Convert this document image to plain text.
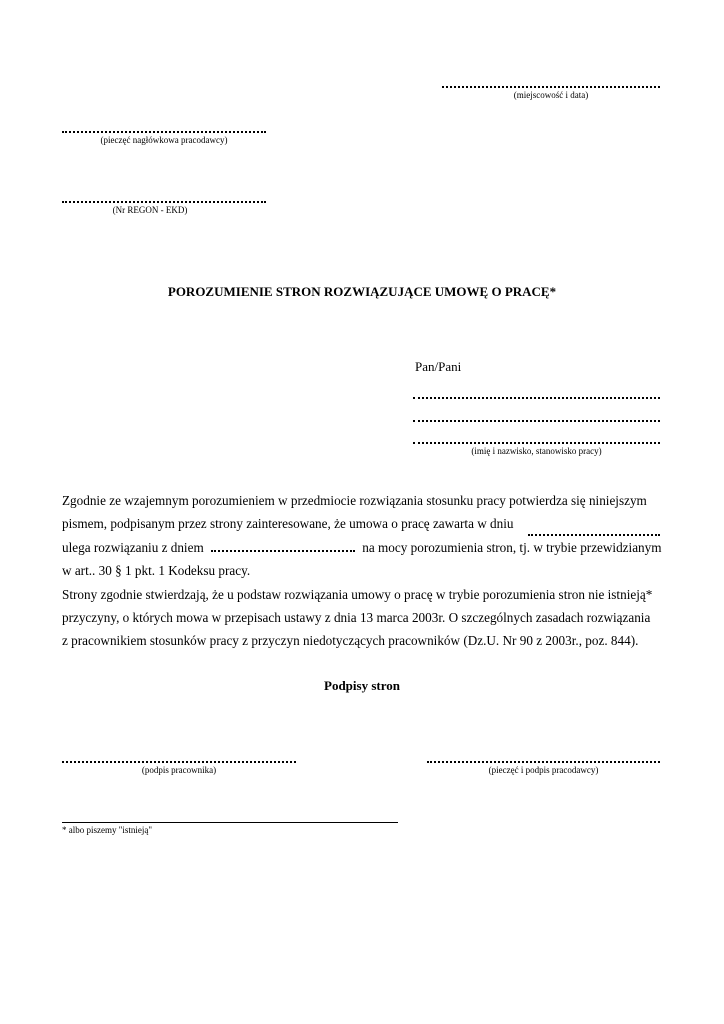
(miejscowość i data)
(pieczęć nagłówkowa pracodawcy)
(Nr REGON - EKD)
POROZUMIENIE STRON ROZWIĄZUJĄCE UMOWĘ O PRACĘ*
Pan/Pani
(imię i nazwisko, stanowisko pracy)
Zgodnie ze wzajemnym porozumieniem w przedmiocie rozwiązania stosunku pracy potwierdza się niniejszym
pismem, podpisanym przez strony zainteresowane, że umowa o pracę zawarta w dniu
ulega rozwiązaniu z dniem	na mocy porozumienia stron, tj. w trybie przewidzianym
w art.. 30 § 1 pkt. 1 Kodeksu pracy.
Strony zgodnie stwierdzają, że u podstaw rozwiązania umowy o pracę w trybie porozumienia stron nie istnieją*
przyczyny, o których mowa w przepisach ustawy z dnia 13 marca 2003r. O szczególnych zasadach rozwiązania
z pracownikiem stosunków pracy z przyczyn niedotyczących pracowników (Dz.U. Nr 90 z 2003r., poz. 844).
Podpisy stron
(podpis pracownika)	(pieczęć i podpis pracodawcy)
* albo piszemy "istnieją"
